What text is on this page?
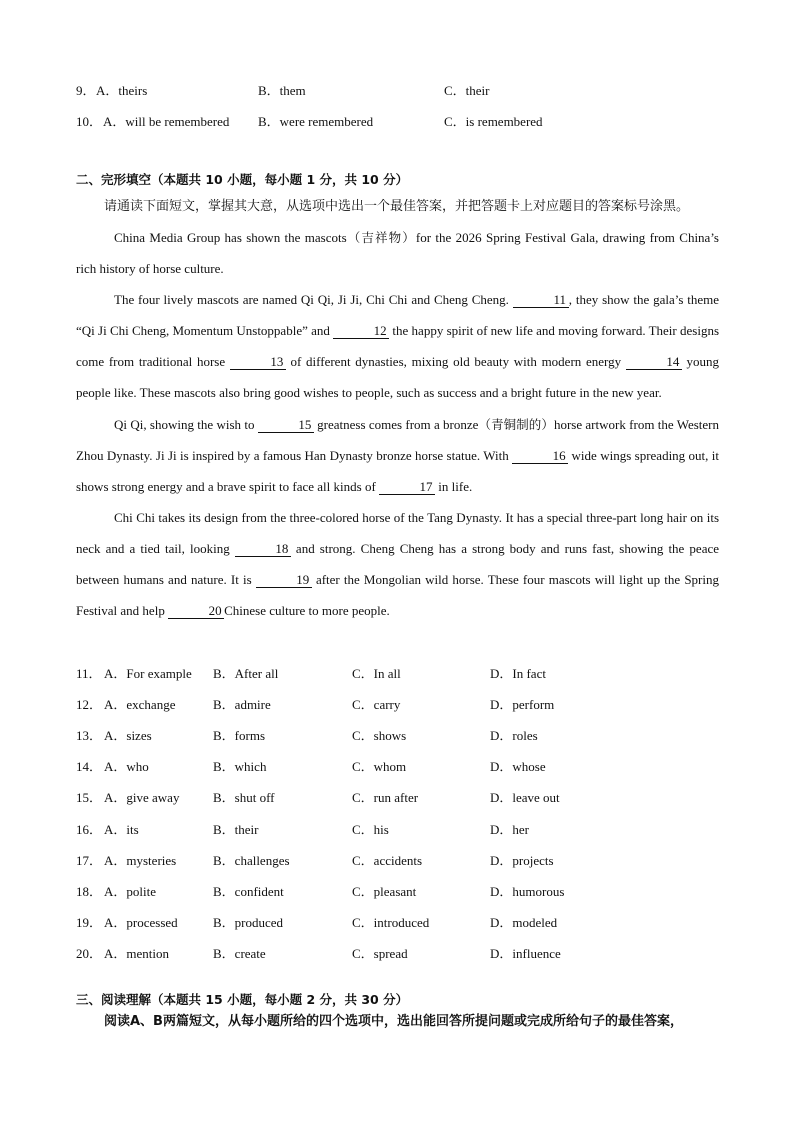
9． A．theirs	B．them	C．their
10． A．will be remembered B．were remembered	C．is remembered
二、完形填空（本题共 10 小题，每小题 1 分，共 10 分）
请通读下面短文，掌握其大意，从选项中选出一个最佳答案，并把答题卡上对应题目的答案标号涂黑。

China Media Group has shown the mascots（吉祥物）for the 2026 Spring Festival Gala, drawing from China’s rich history of horse culture.

The four lively mascots are named Qi Qi, Ji Ji, Chi Chi and Cheng Cheng.	11 , they show the gala’s theme “Qi Ji Chi Cheng, Momentum Unstoppable” and	12 the happy spirit of new life and moving forward. Their designs come from traditional horse	13 of different dynasties, mixing old beauty with modern energy	14 young people like. These mascots also bring good wishes to people, such as success and a bright future in the new year.

Qi Qi, showing the wish to	15 greatness comes from a bronze（青铜制的）horse artwork from the Western Zhou Dynasty. Ji Ji is inspired by a famous Han Dynasty bronze horse statue. With	16 wide wings spreading out, it shows strong energy and a brave spirit to face all kinds of	17 in life.

Chi Chi takes its design from the three-colored horse of the Tang Dynasty. It has a special three-part long hair on its neck and a tied tail, looking	18 and strong. Cheng Cheng has a strong body and runs fast, showing the peace between humans and nature. It is	19 after the Mongolian wild horse. These four mascots will light up the Spring Festival and help	20 Chinese culture to more people.

11． A．For example B．After all	C．In all	D．In fact
12． A．exchange	B．admire	C．carry	D．perform
13． A．sizes	B．forms	C．shows	D．roles
14． A．who	B．which	C．whom	D．whose
15． A．give away	B．shut off	C．run after	D．leave out
16． A．its	B．their	C．his	D．her
17． A．mysteries	B．challenges	C．accidents	D．projects
18． A．polite	B．confident	C．pleasant	D．humorous
19． A．processed	B．produced	C．introduced	D．modeled
20． A．mention	B．create	C．spread	D．influence
三、阅读理解（本题共 15 小题，每小题 2 分，共 30 分）
阅读A、B两篇短文，从每小题所给的四个选项中，选出能回答所提问题或完成所给句子的最佳答案，
